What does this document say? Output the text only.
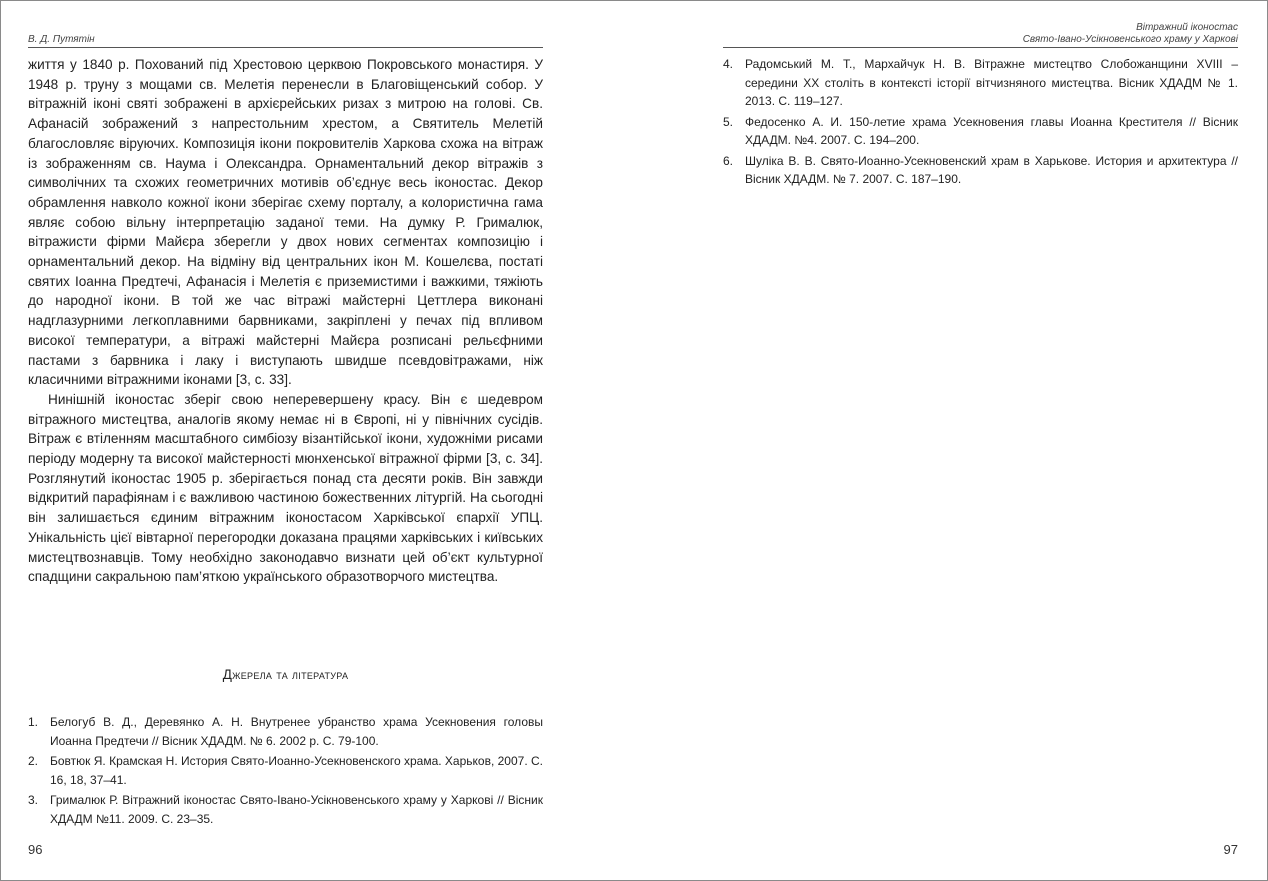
В. Д. Путятін

життя у 1840 р. Похований під Хрестовою церквою Покровського монастиря. У 1948 р. труну з мощами св. Мелетія перенесли в Благовіщенський собор. У вітражній іконі святі зображені в архієрейських ризах з митрою на голові. Св. Афанасій зображений з напрестольним хрестом, а Святитель Мелетій благословляє віруючих. Композиція ікони покровителів Харкова схожа на вітраж із зображенням св. Наума і Олександра. Орнаментальний декор вітражів з символічних та схожих геометричних мотивів об’єднує весь іконостас. Декор обрамлення навколо кожної ікони зберігає схему порталу, а колористична гама являє собою вільну інтерпретацію заданої теми. На думку Р. Грималюк, вітражисти фірми Майєра зберегли у двох нових сегментах композицію і орнаментальний декор. На відміну від центральних ікон М. Кошелєва, постаті святих Іоанна Предтечі, Афанасія і Мелетія є приземистими і важкими, тяжіють до народної ікони. В той же час вітражі майстерні Цеттлера виконані надглазурними легкоплавними барвниками, закріплені у печах під впливом високої температури, а вітражі майстерні Майєра розписані рельєфними пастами з барвника і лаку і виступають швидше псевдовітражами, ніж класичними вітражними іконами [3, с. 33].

Нинішній іконостас зберіг свою неперевершену красу. Він є шедевром вітражного мистецтва, аналогів якому немає ні в Європі, ні у північних сусідів. Вітраж є втіленням масштабного симбіозу візантійської ікони, художніми рисами періоду модерну та високої майстерності мюнхенської вітражної фірми [3, с. 34]. Розглянутий іконостас 1905 р. зберігається понад ста десяти років. Він завжди відкритий парафіянам і є важливою частиною божественних літургій. На сьогодні він залишається єдиним вітражним іконостасом Харківської єпархії УПЦ. Унікальність цієї вівтарної перегородки доказана працями харківських і київських мистецтвознавців. Тому необхідно законодавчо визнати цей об’єкт культурної спадщини сакральною пам’яткою українського образотворчого мистецтва.

Джерела та література
1. Белогуб В. Д., Деревянко А. Н. Внутренее убранство храма Усекновения головы Иоанна Предтечи // Вісник ХДАДМ. № 6. 2002 р. С. 79-100.
2. Бовтюк Я. Крамская Н. История Свято-Иоанно-Усекновенского храма. Харьков, 2007. С. 16, 18, 37–41.
3. Грималюк Р. Вітражний іконостас Свято-Івано-Усікновенського храму у Харкові // Вісник ХДАДМ №11. 2009. С. 23–35.
96
Вітражний іконостас
Свято-Івано-Усікновенського храму у Харкові
4. Радомський М. Т., Мархайчук Н. В. Вітражне мистецтво Слобожанщини XVIII – середини XX століть в контексті історії вітчизняного мистецтва. Вісник ХДАДМ № 1. 2013. С. 119–127.
5. Федосенко А. И. 150-летие храма Усекновения главы Иоанна Крестителя // Вісник ХДАДМ. №4. 2007. С. 194–200.
6. Шуліка В. В. Свято-Иоанно-Усекновенский храм в Харькове. История и архитектура // Вісник ХДАДМ. № 7. 2007. С. 187–190.
97
